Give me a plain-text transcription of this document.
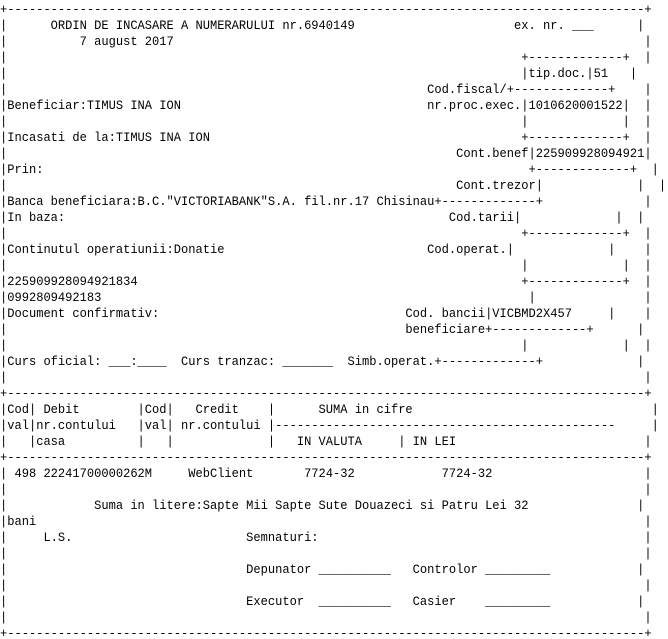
+----------------------------------------------------------------------------------------+
|      ORDIN DE INCASARE A NUMERARULUI nr.6940149                      ex. nr. ___      |
|          7 august 2017                                                                 |
|                                                                       +-------------+  |
|                                                                       |tip.doc.|51   |
|                                                          Cod.fiscal/+-------------+    |
|Beneficiar:TIMUS INA ION                                  nr.proc.exec.|1010620001522|  |
|                                                                       |             |  |
|Incasati de la:TIMUS INA ION                                           +-------------+  |
|                                                              Cont.benef|225909928094921|
|Prin:                                                                   +-------------+  |
|                                                              Cont.trezor|             |  |
|Banca beneficiara:B.C."VICTORIABANK"S.A. fil.nr.17 Chisinau+-------------+              |
|In baza:                                                     Cod.tarii|             |  |
|                                                                       +-------------+  |
|Continutul operatiunii:Donatie                            Cod.operat.|             |    |
|                                                                       |             |  |
|225909928094921834                                                     +-------------+  |
|0992809492183                                                           |               |
|Document confirmativ:                                  Cod. bancii|VICBMD2X457     |    |
|                                                       beneficiare+-------------+      |
|                                                                       |             |  |
|Curs oficial: ___:____  Curs tranzac: _______  Simb.operat.+-------------+             |
|                                                                                        |
+----------------------------------------------------------------------------------------+
|Cod| Debit        |Cod|   Credit    |      SUMA in cifre                                 |
|val|nr.contului   |val| nr.contului |-----------------------------------------------     |
|   |casa          |   |             |   IN VALUTA     | IN LEI                          |
+----------------------------------------------------------------------------------------+
| 498 22241700000262M     WebClient       7724-32            7724-32                     |
|                                                                                        |
|            Suma in litere:Sapte Mii Sapte Sute Douazeci si Patru Lei 32               |
|bani                                                                                    |
|     L.S.                        Semnaturi:                                             |
|                                                                                        |
|                                 Depunator __________   Controlor _________            |
|                                                                                        |
|                                 Executor  __________   Casier    _________            |
|                                                                                        |
+----------------------------------------------------------------------------------------+
